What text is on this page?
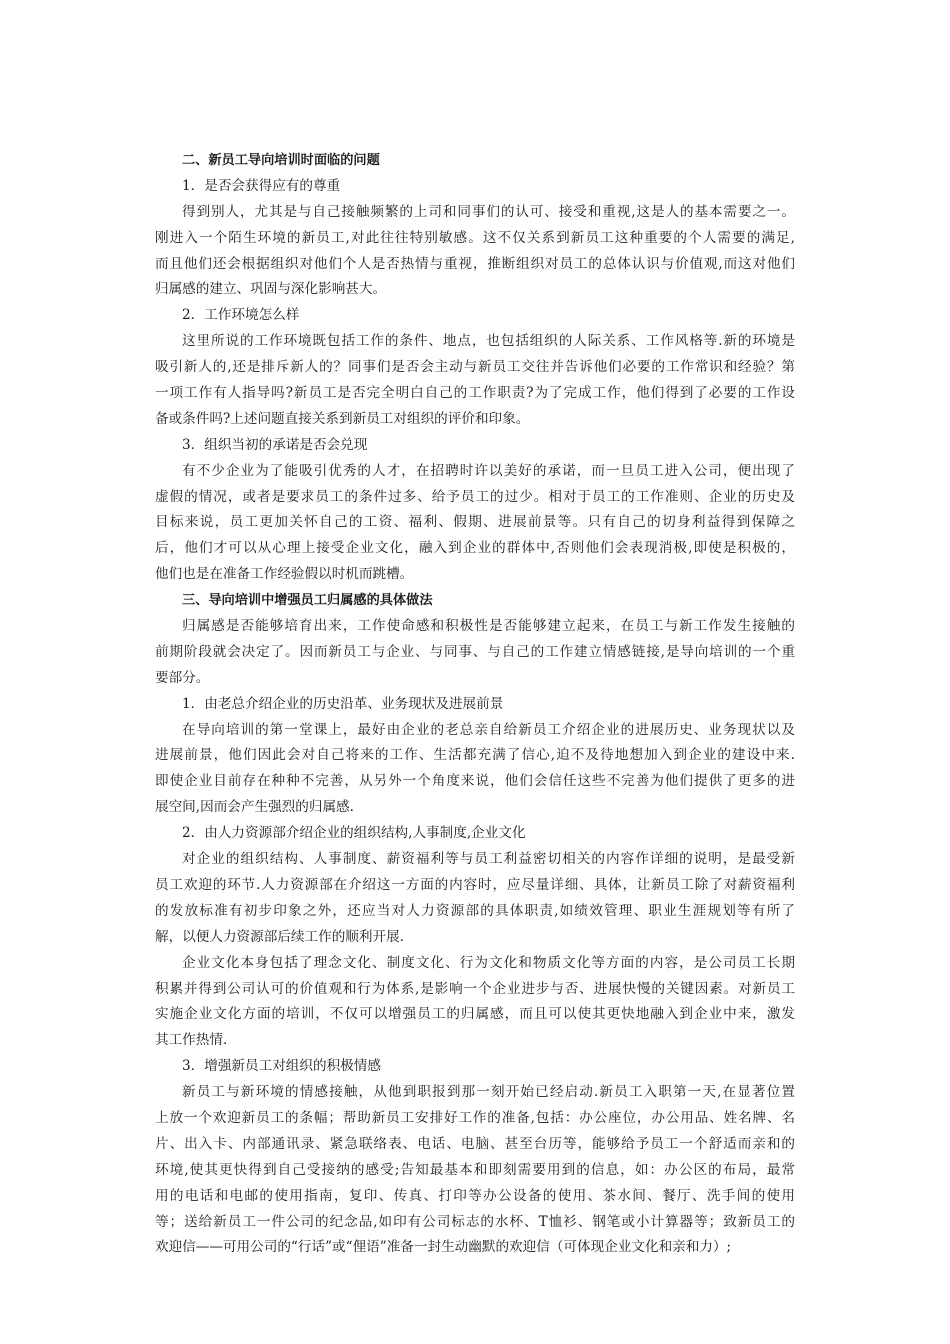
二、新员工导向培训时面临的问题
1．是否会获得应有的尊重
得到别人，尤其是与自己接触频繁的上司和同事们的认可、接受和重视,这是人的基本需要之一。
刚进入一个陌生环境的新员工,对此往往特别敏感。这不仅关系到新员工这种重要的个人需要的满足,
而且他们还会根据组织对他们个人是否热情与重视，推断组织对员工的总体认识与价值观,而这对他们
归属感的建立、巩固与深化影响甚大。
2．工作环境怎么样
这里所说的工作环境既包括工作的条件、地点，也包括组织的人际关系、工作风格等.新的环境是
吸引新人的,还是排斥新人的？同事们是否会主动与新员工交往并告诉他们必要的工作常识和经验？第
一项工作有人指导吗?新员工是否完全明白自己的工作职责?为了完成工作，他们得到了必要的工作设
备或条件吗?上述问题直接关系到新员工对组织的评价和印象。
3．组织当初的承诺是否会兑现
有不少企业为了能吸引优秀的人才，在招聘时许以美好的承诺，而一旦员工进入公司，便出现了
虚假的情况，或者是要求员工的条件过多、给予员工的过少。相对于员工的工作准则、企业的历史及
目标来说，员工更加关怀自己的工资、福利、假期、进展前景等。只有自己的切身利益得到保障之
后，他们才可以从心理上接受企业文化，融入到企业的群体中,否则他们会表现消极,即使是积极的，
他们也是在准备工作经验假以时机而跳槽。
三、导向培训中增强员工归属感的具体做法
归属感是否能够培育出来，工作使命感和积极性是否能够建立起来，在员工与新工作发生接触的
前期阶段就会决定了。因而新员工与企业、与同事、与自己的工作建立情感链接,是导向培训的一个重
要部分。
1．由老总介绍企业的历史沿革、业务现状及进展前景
在导向培训的第一堂课上，最好由企业的老总亲自给新员工介绍企业的进展历史、业务现状以及
进展前景，他们因此会对自己将来的工作、生活都充满了信心,迫不及待地想加入到企业的建设中来.
即使企业目前存在种种不完善，从另外一个角度来说，他们会信任这些不完善为他们提供了更多的进
展空间,因而会产生强烈的归属感.
2．由人力资源部介绍企业的组织结构,人事制度,企业文化
对企业的组织结构、人事制度、薪资福利等与员工利益密切相关的内容作详细的说明，是最受新
员工欢迎的环节.人力资源部在介绍这一方面的内容时，应尽量详细、具体，让新员工除了对薪资福利
的发放标准有初步印象之外，还应当对人力资源部的具体职责,如绩效管理、职业生涯规划等有所了
解，以便人力资源部后续工作的顺利开展.
企业文化本身包括了理念文化、制度文化、行为文化和物质文化等方面的内容，是公司员工长期
积累并得到公司认可的价值观和行为体系,是影响一个企业进步与否、进展快慢的关键因素。对新员工
实施企业文化方面的培训，不仅可以增强员工的归属感，而且可以使其更快地融入到企业中来，激发
其工作热情.
3．增强新员工对组织的积极情感
新员工与新环境的情感接触，从他到职报到那一刻开始已经启动.新员工入职第一天,在显著位置
上放一个欢迎新员工的条幅；帮助新员工安排好工作的准备,包括：办公座位，办公用品、姓名牌、名
片、出入卡、内部通讯录、紧急联络表、电话、电脑、甚至台历等，能够给予员工一个舒适而亲和的
环境,使其更快得到自己受接纳的感受;告知最基本和即刻需要用到的信息，如：办公区的布局，最常
用的电话和电邮的使用指南，复印、传真、打印等办公设备的使用、茶水间、餐厅、洗手间的使用
等；送给新员工一件公司的纪念品,如印有公司标志的水杯、T恤衫、钢笔或小计算器等；致新员工的
欢迎信——可用公司的“行话”或“俚语”准备一封生动幽默的欢迎信（可体现企业文化和亲和力）;
